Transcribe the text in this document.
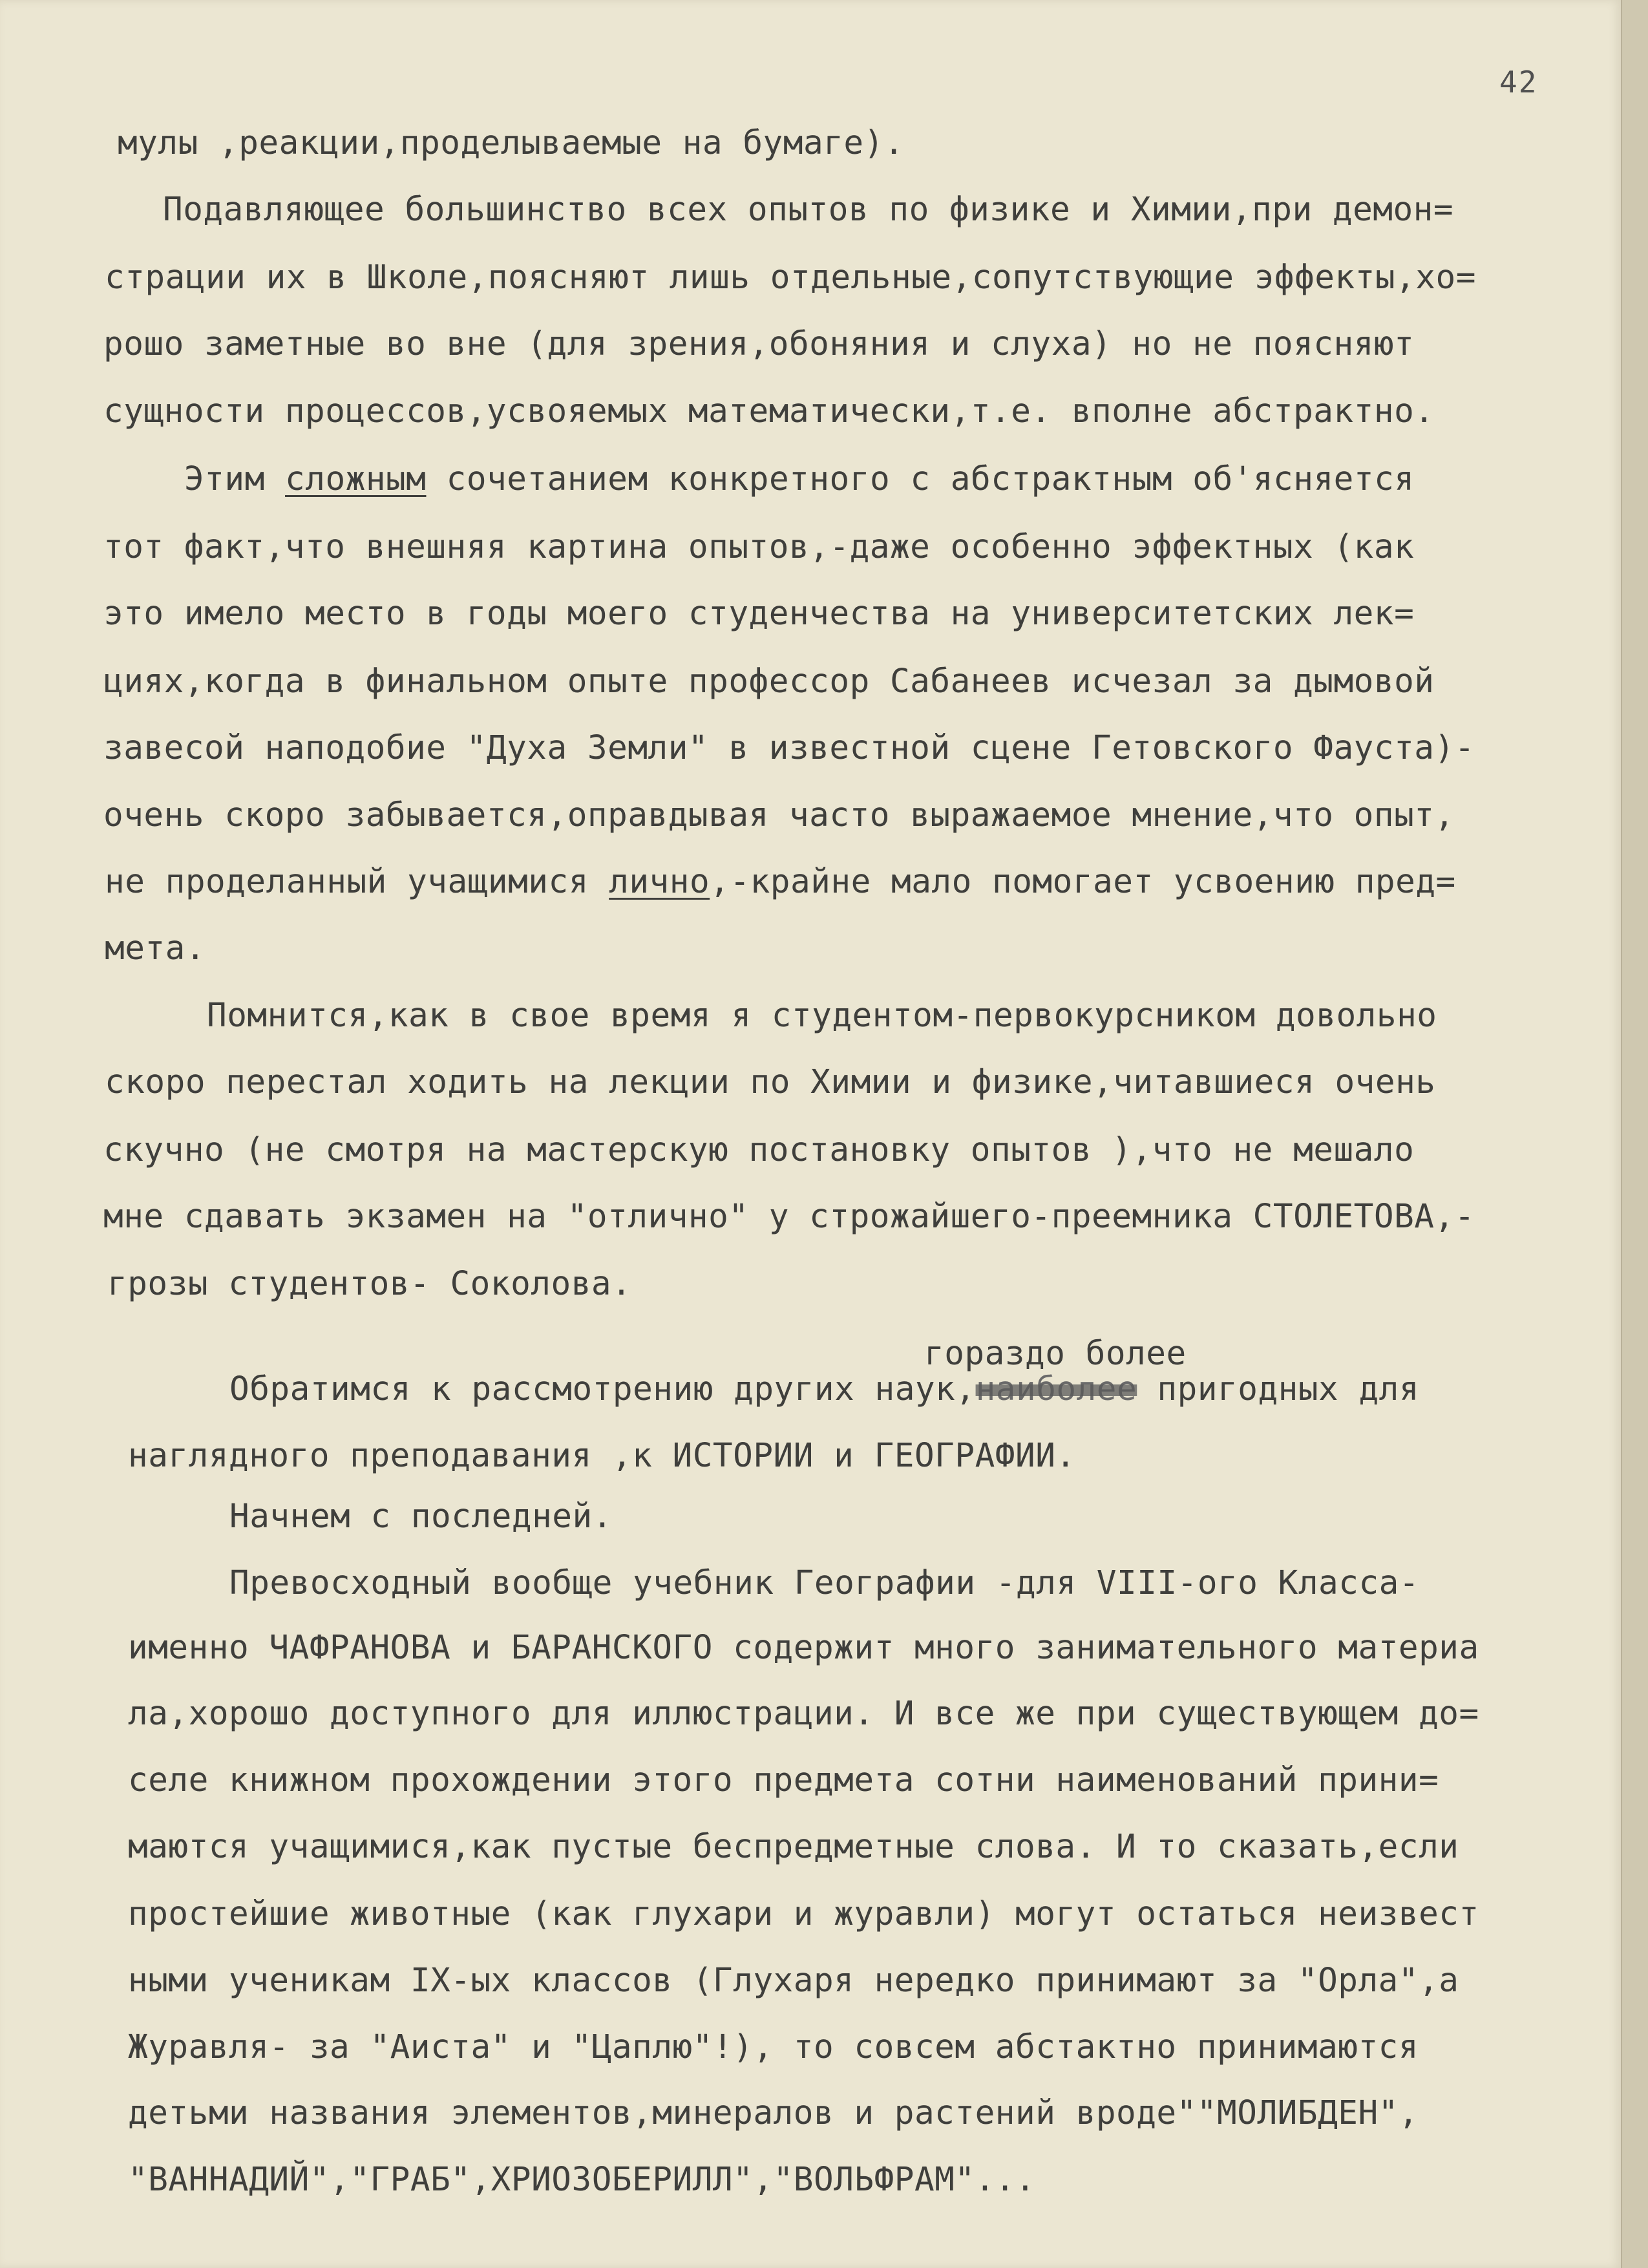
42
мулы ,реакции,проделываемые на бумаге).
Подавляющее большинство всех опытов по физике и Химии,при демон=
страции их в Школе,поясняют лишь отдельные,сопутствующие эффекты,хо=
рошо заметные во вне (для зрения,обоняния и слуха) но не поясняют
сущности процессов,усвояемых математически,т.е. вполне абстрактно.
Этим сложным сочетанием конкретного с абстрактным об'ясняется
тот факт,что внешняя картина опытов,-даже особенно эффектных (как
это имело место в годы моего студенчества на университетских лек=
циях,когда в финальном опыте профессор Сабанеев исчезал за дымовой
завесой наподобие "Духа Земли" в известной сцене Гетовского Фауста)-
очень скоро забывается,оправдывая часто выражаемое мнение,что опыт,
не проделанный учащимися лично,-крайне мало помогает усвоению пред=
мета.
Помнится,как в свое время я студентом-первокурсником довольно
скоро перестал ходить на лекции по Химии и физике,читавшиеся очень
скучно (не смотря на мастерскую постановку опытов ),что не мешало
мне сдавать экзамен на "отлично" у строжайшего-преемника СТОЛЕТОВА,-
грозы студентов- Соколова.
гораздо более
Обратимся к рассмотрению других наук,наиболее пригодных для
наглядного преподавания ,к ИСТОРИИ и ГЕОГРАФИИ.
Начнем с последней.
Превосходный вообще учебник Географии -для VIII-ого Класса-
именно ЧАФРАНОВА и БАРАНСКОГО содержит много занимательного материа
ла,хорошо доступного для иллюстрации. И все же при существующем до=
селе книжном прохождении этого предмета сотни наименований прини=
маются учащимися,как пустые беспредметные слова. И то сказать,если
простейшие животные (как глухари и журавли) могут остаться неизвест
ными ученикам IX-ых классов (Глухаря нередко принимают за "Орла",а
Журавля- за "Аиста" и "Цаплю"!), то совсем абстактно принимаются
детьми названия элементов,минералов и растений вроде""МОЛИБДЕН",
"ВАННАДИЙ","ГРАБ",ХРИОЗОБЕРИЛЛ","ВОЛЬФРАМ"...
